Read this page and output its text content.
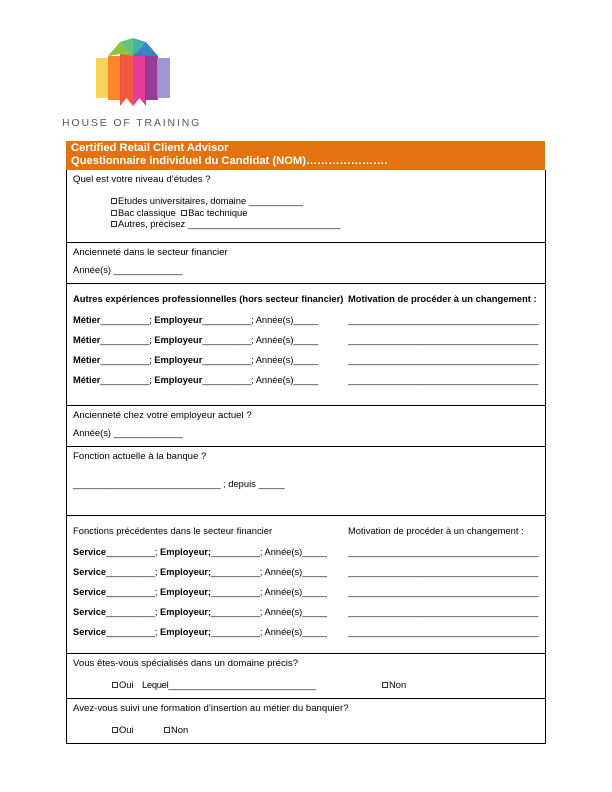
HOUSE OF TRAINING
Certified Retail Client Advisor
Questionnaire individuel du Candidat (NOM)………………….
Quel est votre niveau d’études ?
Etudes universitaires, domaine ___________
Bac classique Bac technique
Autres, précisez _______________________________
Ancienneté dans le secteur financier
Année(s) ______________
Autres expériences professionnelles (hors secteur financier) Motivation de procéder à un changement :
Métier__________; Employeur__________; Année(s)_____	_______________________________________
Métier__________; Employeur__________; Année(s)_____	_______________________________________
Métier__________; Employeur__________; Année(s)_____	_______________________________________
Métier__________; Employeur__________; Année(s)_____	_______________________________________
Ancienneté chez votre employeur actuel ?
Année(s) ______________
Fonction actuelle à la banque ?
______________________________ ; depuis _____
Fonctions précédentes dans le secteur financier	Motivation de procéder à un changement :
Service__________; Employeur;__________; Année(s)_____ _______________________________________
Service__________; Employeur;__________; Année(s)_____ _______________________________________
Service__________; Employeur;__________; Année(s)_____ _______________________________________
Service__________; Employeur;__________; Année(s)_____ _______________________________________
Service__________; Employeur;__________; Année(s)_____ _______________________________________
Vous êtes-vous spécialisés dans un domaine précis?
Oui Lequel______________________________	Non
Avez-vous suivi une formation d’insertion au métier du banquier?
Oui	Non
